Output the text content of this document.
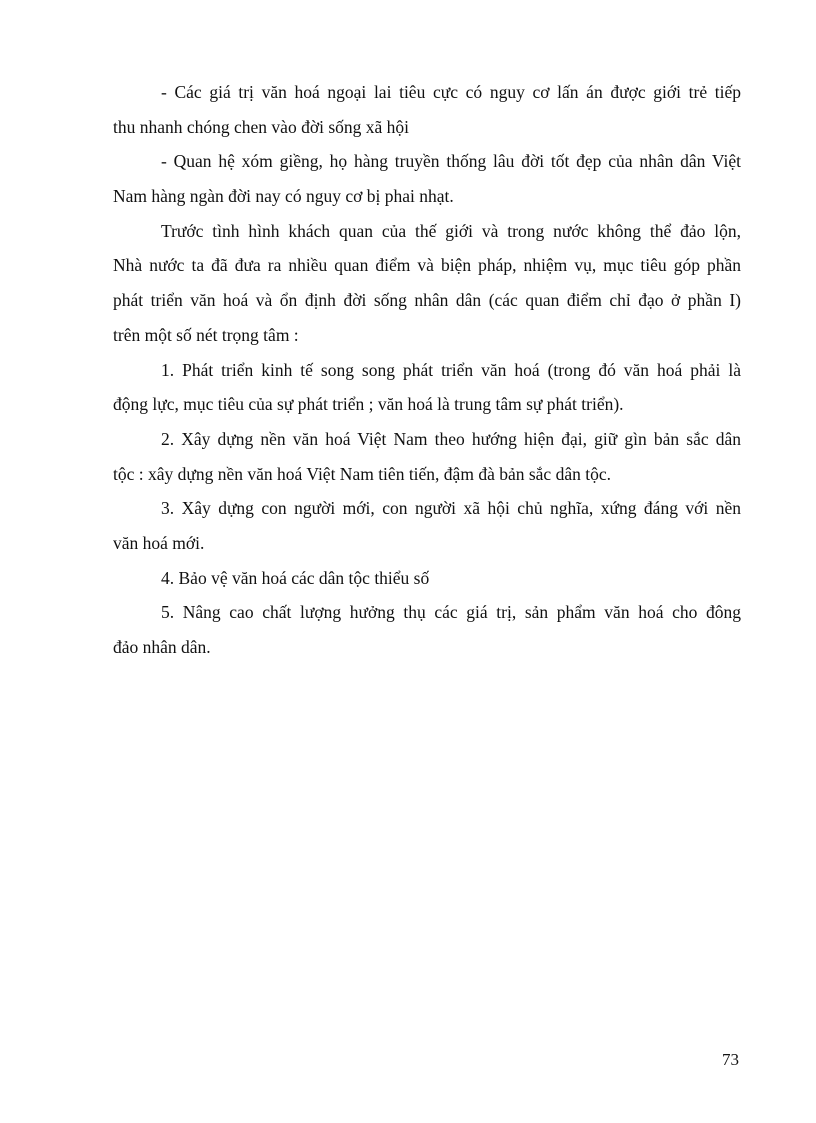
- Các giá trị văn hoá ngoại lai tiêu cực có nguy cơ lấn án được giới trẻ tiếp
thu nhanh chóng chen vào đời sống xã hội
- Quan hệ xóm giềng, họ hàng truyền thống lâu đời tốt đẹp của nhân dân Việt
Nam hàng ngàn đời nay có nguy cơ bị phai nhạt.
Trước tình hình khách quan của thế giới và trong nước không thể đảo lộn,
Nhà nước ta đã đưa ra nhiều quan điểm và biện pháp, nhiệm vụ, mục tiêu góp phần
phát triển văn hoá và ổn định đời sống nhân dân (các quan điểm chỉ đạo ở phần I)
trên một số nét trọng tâm :
1. Phát triển kinh tế song song phát triển văn hoá (trong đó văn hoá phải là
động lực, mục tiêu của sự phát triển ; văn hoá là trung tâm sự phát triển).
2. Xây dựng nền văn hoá Việt Nam theo hướng hiện đại, giữ gìn bản sắc dân
tộc : xây dựng nền văn hoá Việt Nam tiên tiến, đậm đà bản sắc dân tộc.
3. Xây dựng con người mới, con người xã hội chủ nghĩa, xứng đáng với nền
văn hoá mới.
4. Bảo vệ văn hoá các dân tộc thiểu số
5. Nâng cao chất lượng hưởng thụ các giá trị, sản phẩm văn hoá cho đông
đảo nhân dân.
73
